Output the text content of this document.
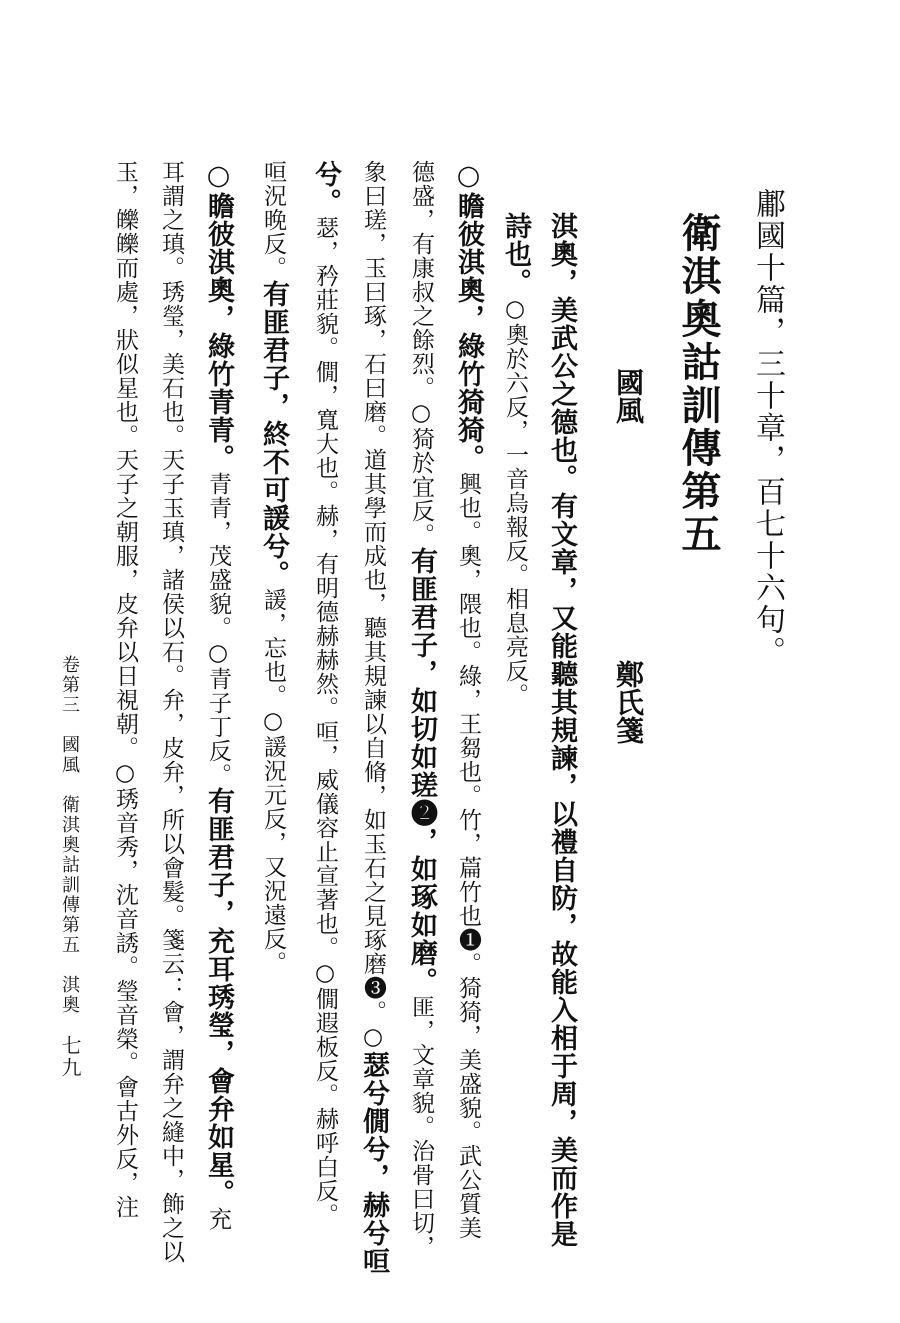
鄘國十篇，三十章，百七十六句。
衛淇奧詁訓傳第五
國風
鄭氏箋
淇奧，美武公之德也。有文章，又能聽其規諫，以禮自防，故能入相于周，美而作是
詩也。○奧於六反，一音烏報反。相息亮反。
○瞻彼淇奧，綠竹猗猗。興也。奧，隈也。綠，王芻也。竹，萹竹也❶。猗猗，美盛貌。武公質美
德盛，有康叔之餘烈。○猗於宜反。有匪君子，如切如瑳❷，如琢如磨。匪，文章貌。治骨曰切，
象曰瑳，玉曰琢，石曰磨。道其學而成也，聽其規諫以自脩，如玉石之見琢磨❸。○瑟兮僩兮，赫兮咺
兮。瑟，矜莊貌。僩，寬大也。赫，有明德赫赫然。咺，威儀容止宣著也。○僩遐板反。赫呼白反。
咺況晚反。有匪君子，終不可諼兮。諼，忘也。○諼況元反，又況遠反。
○瞻彼淇奧，綠竹青青。青青，茂盛貌。○青子丁反。有匪君子，充耳琇瑩，會弁如星。充
耳謂之瑱。琇瑩，美石也。天子玉瑱，諸侯以石。弁，皮弁，所以會髮。箋云：會，謂弁之縫中，飾之以
玉，皪皪而處，狀似星也。天子之朝服，皮弁以日視朝。○琇音秀，沈音誘。瑩音榮。會古外反，注
卷第三　國風　衛淇奧詁訓傳第五　淇奧
七九
